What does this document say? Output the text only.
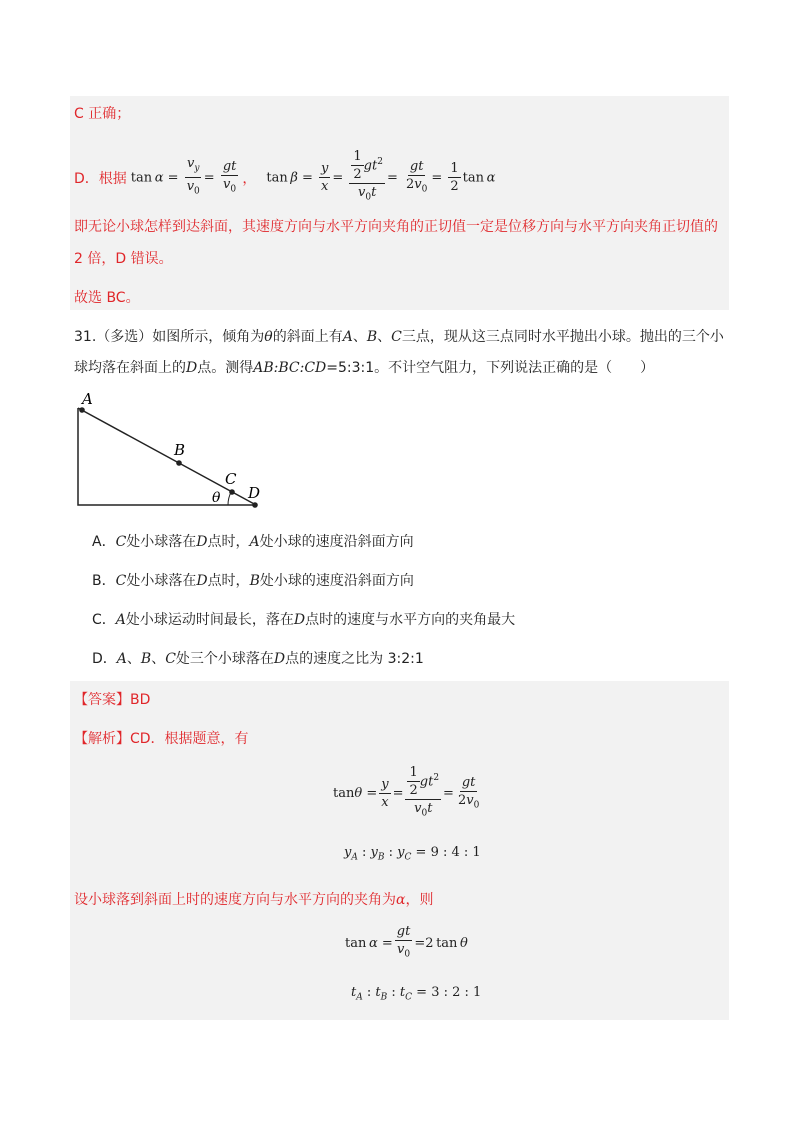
C 正确；
D．根据 $\tan \alpha = \frac{v_y}{v_0} = \frac{gt}{v_0}$ ， $\tan \beta = \frac{y}{x} = \frac{\frac{1}{2} gt^2}{v_0t} = \frac{gt}{2v_0} = \frac{1}{2}$ tan α
即无论小球怎样到达斜面，其速度方向与水平方向夹角的正切值一定是位移方向与水平方向夹角正切值的
2 倍，D 错误。
故选 BC。
31.（多选）如图所示，倾角为θ的斜面上有A、B、C三点，现从这三点同时水平抛出小球。抛出的三个小
球均落在斜面上的D点。测得AB:BC:CD=5:3:1。不计空气阻力，下列说法正确的是（　　）
A
B
C
D
θ
A．C处小球落在D点时，A处小球的速度沿斜面方向
B．C处小球落在D点时，B处小球的速度沿斜面方向
C．A处小球运动时间最长，落在D点时的速度与水平方向的夹角最大
D．A、B、C处三个小球落在D点的速度之比为 3:2:1
【答案】BD
【解析】CD．根据题意，有
$\tan \theta = \frac{y}{x} = \frac{\frac{1}{2} gt^2}{v_0t} = \frac{gt}{2v_0}$
$y_A$ : $y_B$ : $y_C = 9$ : 4 : 1
设小球落到斜面上时的速度方向与水平方向的夹角为α，则
$\tan \alpha = \frac{gt}{v_0} = 2$ tan  θ
$t_A$ : $t_B$ : $t_C = 3$ : 2 : 1
